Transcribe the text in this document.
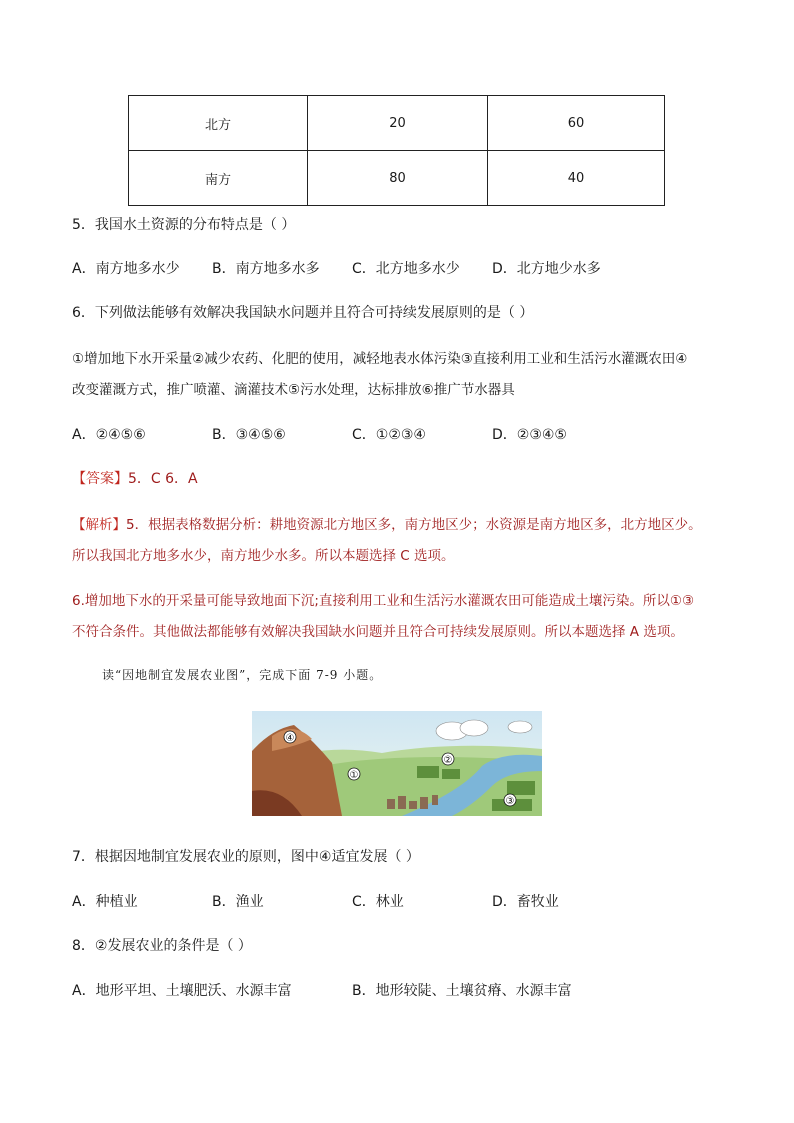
北方	20	60
南方	80	40
5．我国水土资源的分布特点是（ ）
A．南方地多水少 B．南方地多水多 C．北方地多水少 D．北方地少水多
6．下列做法能够有效解决我国缺水问题并且符合可持续发展原则的是（ ）
①增加地下水开采量②减少农药、化肥的使用，减轻地表水体污染③直接利用工业和生活污水灌溉农田④
改变灌溉方式，推广喷灌、滴灌技术⑤污水处理，达标排放⑥推广节水器具
A．②④⑤⑥	B．③④⑤⑥	C．①②③④	D．②③④⑤
【答案】5．C 6．A
【解析】5．根据表格数据分析：耕地资源北方地区多，南方地区少；水资源是南方地区多，北方地区少。
所以我国北方地多水少，南方地少水多。所以本题选择 C 选项。
6.增加地下水的开采量可能导致地面下沉;直接利用工业和生活污水灌溉农田可能造成土壤污染。所以①③
不符合条件。其他做法都能够有效解决我国缺水问题并且符合可持续发展原则。所以本题选择 A 选项。
读“因地制宜发展农业图”，完成下面 7-9 小题。
①
②
③
④
7．根据因地制宜发展农业的原则，图中④适宜发展（ ）
A．种植业	B．渔业	C．林业	D．畜牧业
8．②发展农业的条件是（ ）
A．地形平坦、土壤肥沃、水源丰富	B．地形较陡、土壤贫瘠、水源丰富
